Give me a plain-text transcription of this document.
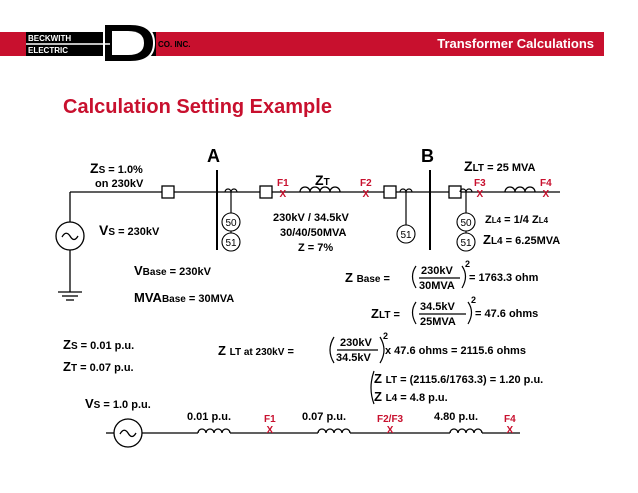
Transformer Calculations
BECKWITH
ELECTRIC
CO. INC.
Calculation Setting Example
50
51
51
50
51
A	B
ZS = 1.0%
on 230kV
VS = 230kV
ZT
230kV / 34.5kV
30/40/50MVA
Z = 7%
ZLT = 25 MVA
ZL4 = 1/4 ZL4
ZL4 = 6.25MVA
F1
X
F2
X
F3
X
F4
X
VBase = 230kV
MVABase = 30MVA
Z Base =
230kV
30MVA
2
= 1763.3 ohm
ZLT =
34.5kV
25MVA
2
= 47.6 ohms
Z LT at 230kV =
230kV
34.5kV
2
x 47.6 ohms = 2115.6 ohms
Z LT = (2115.6/1763.3) = 1.20 p.u.
Z L4 = 4.8 p.u.
ZS = 0.01 p.u.
ZT = 0.07 p.u.
VS = 1.0 p.u.
0.01 p.u.	0.07 p.u.	4.80 p.u.
F1
X
F2/F3
X
F4
X
